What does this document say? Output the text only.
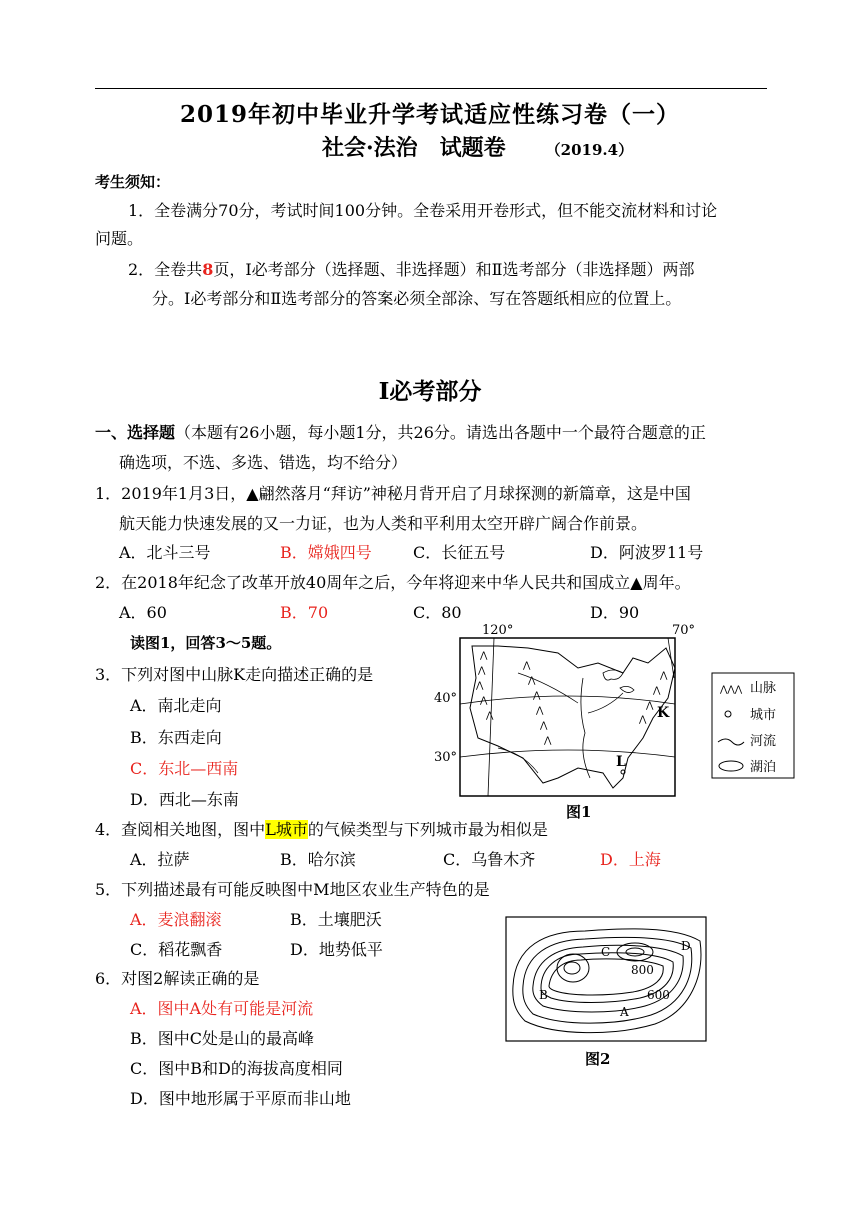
2019年初中毕业升学考试适应性练习卷（一）
社会·法治　试题卷	（2019.4）
考生须知：
1．全卷满分70分，考试时间100分钟。全卷采用开卷形式，但不能交流材料和讨论
问题。
2．全卷共8页，Ⅰ必考部分（选择题、非选择题）和Ⅱ选考部分（非选择题）两部
分。Ⅰ必考部分和Ⅱ选考部分的答案必须全部涂、写在答题纸相应的位置上。
Ⅰ必考部分
一、选择题（本题有26小题，每小题1分，共26分。请选出各题中一个最符合题意的正
确选项，不选、多选、错选，均不给分）
1．2019年1月3日，▲翩然落月“拜访”神秘月背开启了月球探测的新篇章，这是中国
航天能力快速发展的又一力证，也为人类和平利用太空开辟广阔合作前景。
A．北斗三号	B．嫦娥四号	C．长征五号	D．阿波罗11号
2．在2018年纪念了改革开放40周年之后，今年将迎来中华人民共和国成立▲周年。
A．60	B．70	C．80	D．90
读图1，回答3～5题。
3．下列对图中山脉K走向描述正确的是
A．南北走向
B．东西走向
C．东北—西南
D．西北—东南
4．查阅相关地图，图中L城市的气候类型与下列城市最为相似是
A．拉萨	B．哈尔滨	C．乌鲁木齐	D．上海
5．下列描述最有可能反映图中M地区农业生产特色的是
A．麦浪翻滚	B．土壤肥沃
C．稻花飘香	D．地势低平
6．对图2解读正确的是
A．图中A处有可能是河流
B．图中C处是山的最高峰
C．图中B和D的海拔高度相同
D．图中地形属于平原而非山地
⋀
⋀
⋀
⋀
⋀
⋀
⋀
⋀
⋀
⋀
⋀
⋀
⋀
⋀
⋀
120°	70°
40°
30°
K
L
⋀⋀⋀ 山脉
城市
河流
湖泊
图1
800
600
A
B
C	D
图2
